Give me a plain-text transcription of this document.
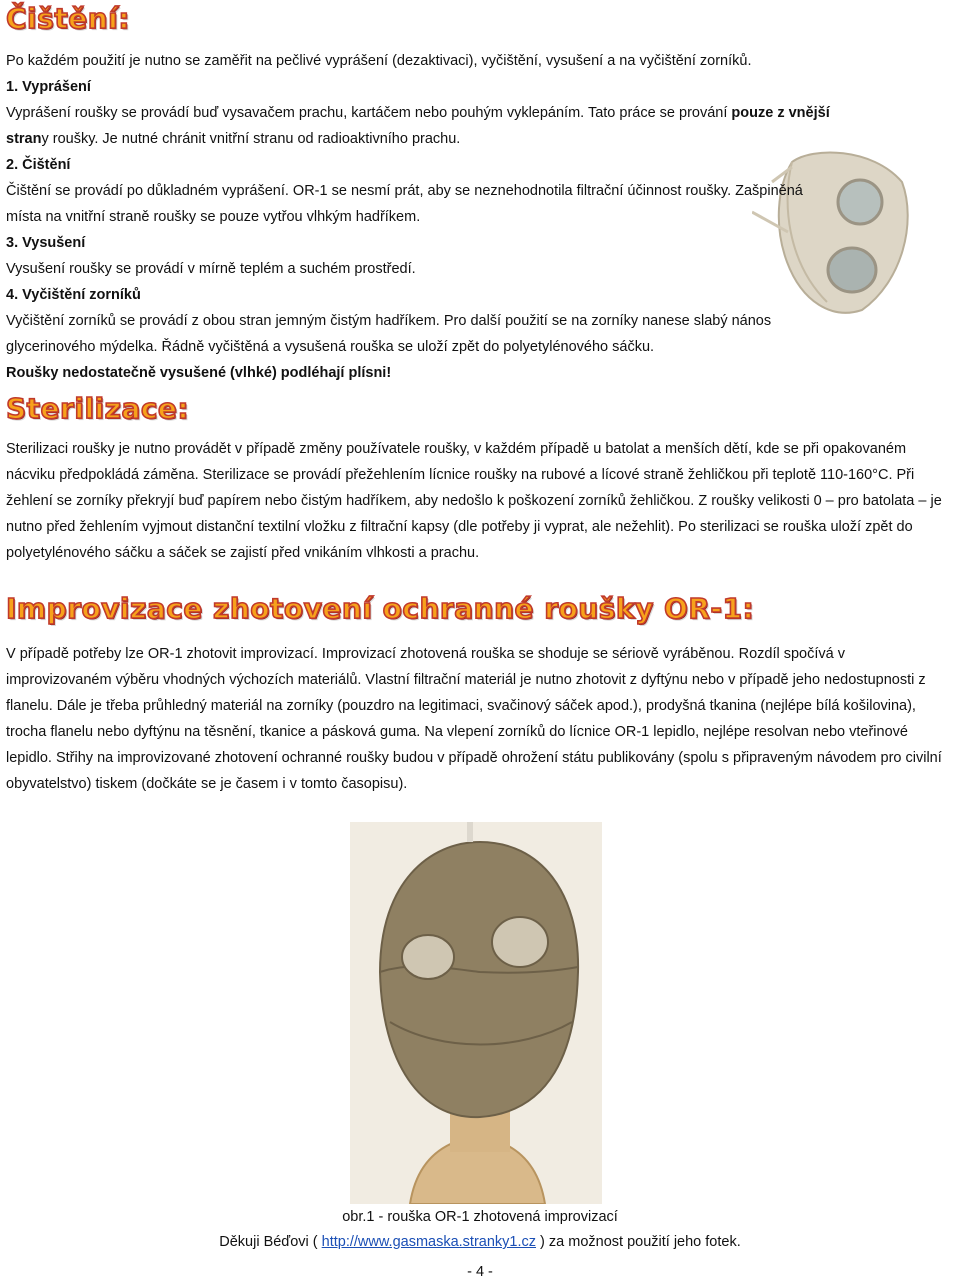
Čištění:
Po každém použití je nutno se zaměřit na pečlivé vyprášení (dezaktivaci), vyčištění, vysušení a na vyčištění zorníků.
1. Vyprášení
Vyprášení roušky se provádí buď vysavačem prachu, kartáčem nebo pouhým vyklepáním. Tato práce se prování pouze z vnější
strany roušky. Je nutné chránit vnitřní stranu od radioaktivního prachu.
2. Čištění
Čištění se provádí po důkladném vyprášení. OR-1 se nesmí prát, aby se neznehodnotila filtrační účinnost roušky. Zašpiněná
místa na vnitřní straně roušky se pouze vytřou vlhkým hadříkem.
3. Vysušení
Vysušení roušky se provádí v mírně teplém a suchém prostředí.
4. Vyčištění zorníků
Vyčištění zorníků se provádí z obou stran jemným čistým hadříkem. Pro další použití se na zorníky nanese slabý nános
glycerinového mýdelka. Řádně vyčištěná a vysušená rouška se uloží zpět do polyetylénového sáčku.
Roušky nedostatečně vysušené (vlhké) podléhají plísni!
Sterilizace:
Sterilizaci roušky je nutno provádět v případě změny používatele roušky, v každém případě u batolat a menších dětí, kde se při opakovaném nácviku předpokládá záměna. Sterilizace se provádí přežehlením lícnice roušky na rubové a lícové straně žehličkou při teplotě 110-160°C. Při žehlení se zorníky překryjí buď papírem nebo čistým hadříkem, aby nedošlo k poškození zorníků žehličkou. Z roušky velikosti 0 – pro batolata – je nutno před žehlením vyjmout distanční textilní vložku z filtrační kapsy (dle potřeby ji vyprat, ale nežehlit). Po sterilizaci se rouška uloží zpět do polyetylénového sáčku a sáček se zajistí před vnikáním vlhkosti a prachu.
Improvizace zhotovení ochranné roušky OR-1:
V případě potřeby lze OR-1 zhotovit improvizací. Improvizací zhotovená rouška se shoduje se sériově vyráběnou. Rozdíl spočívá v improvizovaném výběru vhodných výchozích materiálů. Vlastní filtrační materiál je nutno zhotovit z dyftýnu nebo v případě jeho nedostupnosti z flanelu. Dále je třeba průhledný materiál na zorníky (pouzdro na legitimaci, svačinový sáček apod.), prodyšná tkanina (nejlépe bílá košilovina), trocha flanelu nebo dyftýnu na těsnění, tkanice a pásková guma. Na vlepení zorníků do lícnice OR-1 lepidlo, nejlépe resolvan nebo vteřinové lepidlo. Střihy na improvizované zhotovení ochranné roušky budou v případě ohrožení státu publikovány (spolu s připraveným návodem pro civilní obyvatelstvo) tiskem (dočkáte se je časem i v tomto časopisu).
obr.1 - rouška OR-1 zhotovená improvizací
Děkuji Béďovi ( http://www.gasmaska.stranky1.cz ) za možnost použití jeho fotek.
- 4 -
